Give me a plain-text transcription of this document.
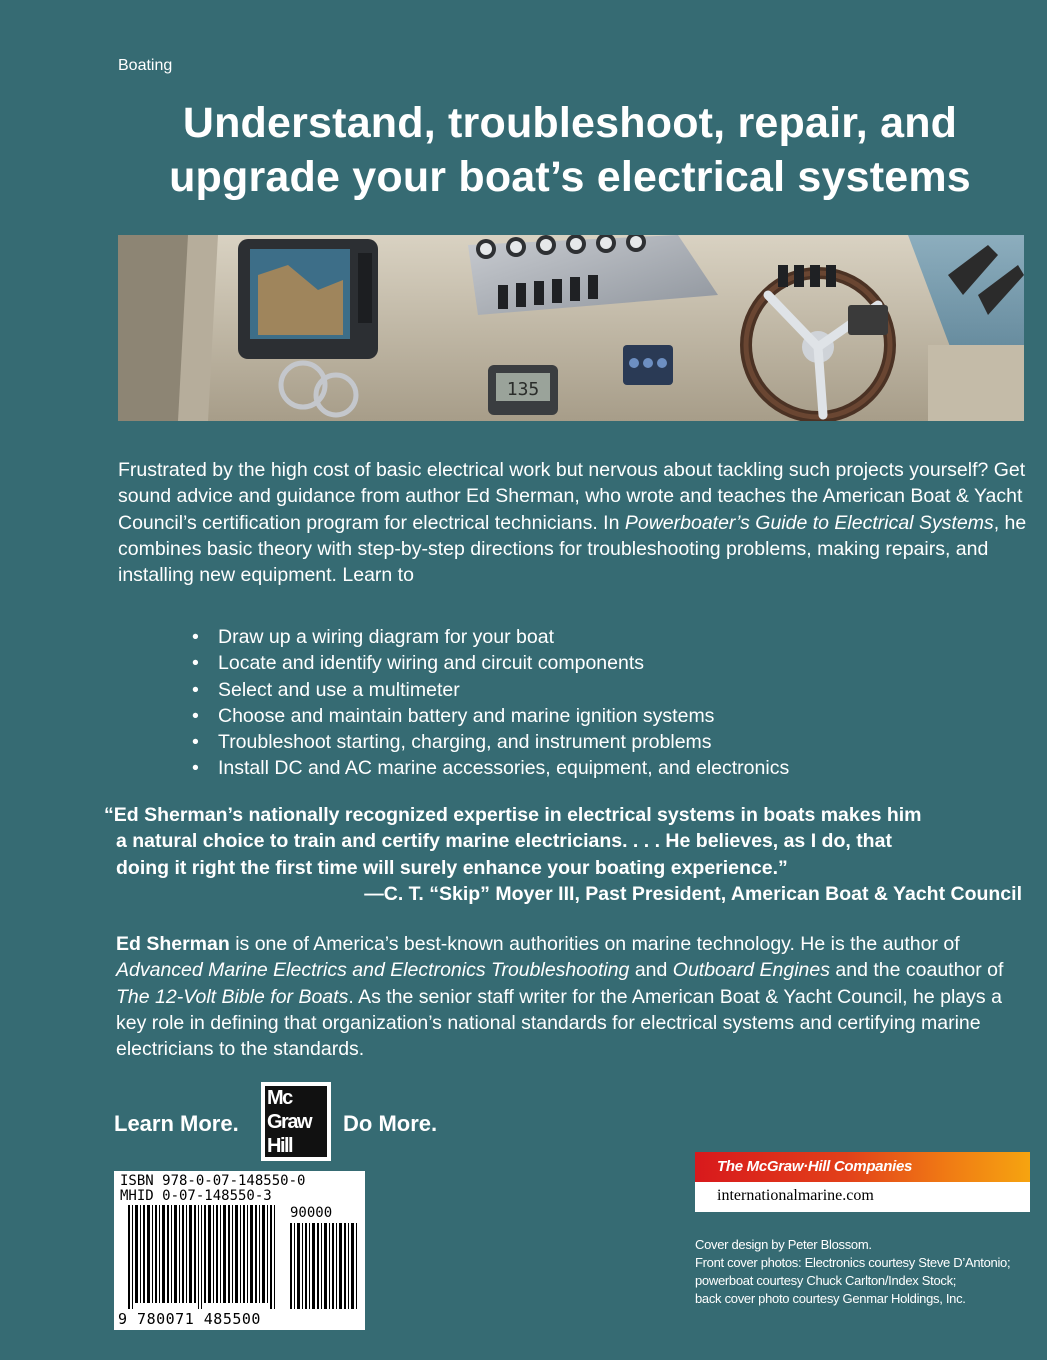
Boating
Understand, troubleshoot, repair, and
upgrade your boat’s electrical systems
135
Frustrated by the high cost of basic electrical work but nervous about tackling such projects yourself? Get sound advice and guidance from author Ed Sherman, who wrote and teaches the American Boat & Yacht Council’s certification program for electrical technicians. In Powerboater’s Guide to Electrical Systems, he combines basic theory with step-by-step directions for troubleshooting problems, making repairs, and installing new equipment. Learn to
• Draw up a wiring diagram for your boat
• Locate and identify wiring and circuit components
• Select and use a multimeter
• Choose and maintain battery and marine ignition systems
• Troubleshoot starting, charging, and instrument problems
• Install DC and AC marine accessories, equipment, and electronics
“Ed Sherman’s nationally recognized expertise in electrical systems in boats makes him
a natural choice to train and certify marine electricians. . . . He believes, as I do, that
doing it right the first time will surely enhance your boating experience.”
—C. T. “Skip” Moyer III, Past President, American Boat & Yacht Council
Ed Sherman is one of America’s best-known authorities on marine technology. He is the author of Advanced Marine Electrics and Electronics Troubleshooting and Outboard Engines and the coauthor of The 12-Volt Bible for Boats. As the senior staff writer for the American Boat & Yacht Council, he plays a key role in defining that organization’s national standards for electrical systems and certifying marine electricians to the standards.
Learn More.
Mc
Graw
Hill
Do More.
ISBN 978-0-07-148550-0
MHID 0-07-148550-3
90000
9 780071 485500
The McGraw·Hill Companies
internationalmarine.com
Cover design by Peter Blossom.
Front cover photos: Electronics courtesy Steve D’Antonio;
powerboat courtesy Chuck Carlton/Index Stock;
back cover photo courtesy Genmar Holdings, Inc.
